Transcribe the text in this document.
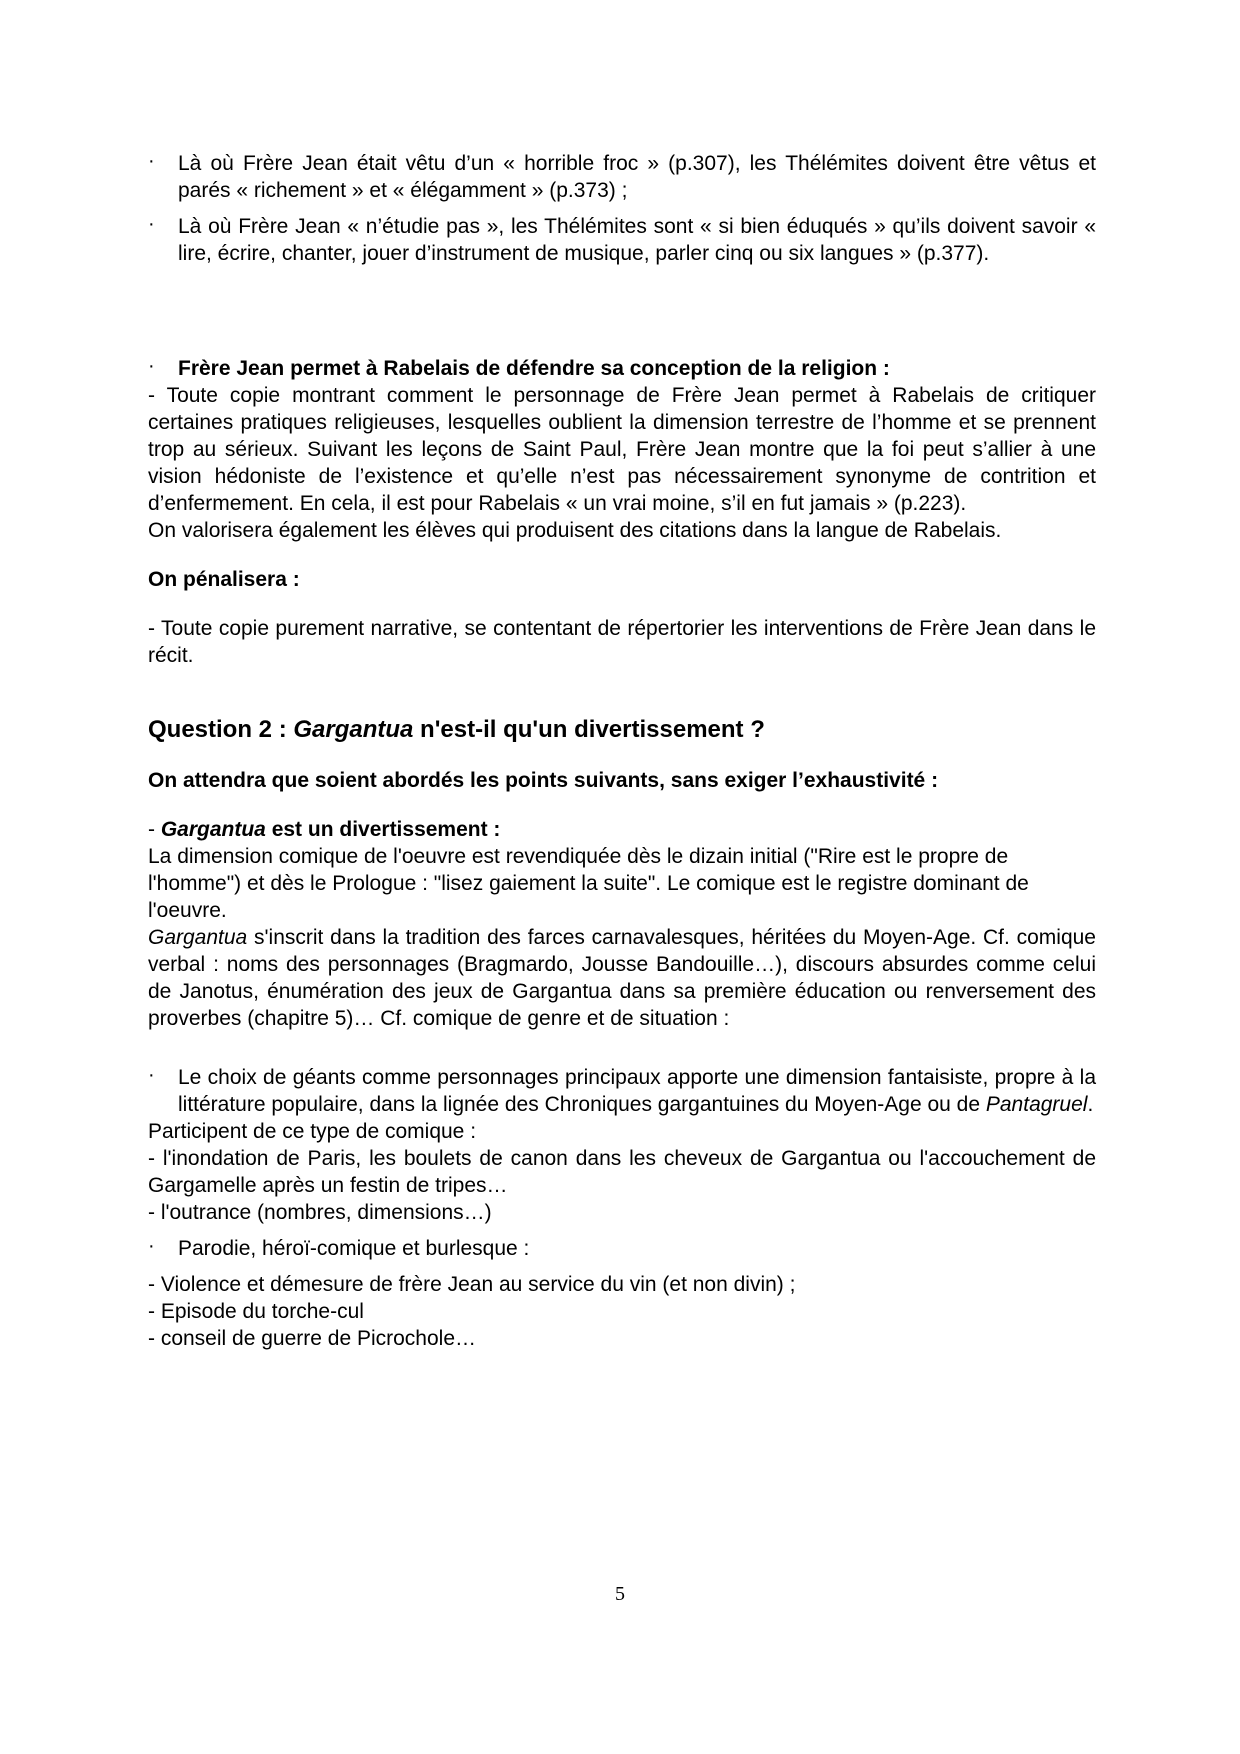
·	Là où Frère Jean était vêtu d’un « horrible froc » (p.307), les Thélémites doivent être vêtus et parés « richement » et « élégamment » (p.373) ;
·	Là où Frère Jean « n’étudie pas », les Thélémites sont « si bien éduqués » qu’ils doivent savoir « lire, écrire, chanter, jouer d’instrument de musique, parler cinq ou six langues » (p.377).
·	Frère Jean permet à Rabelais de défendre sa conception de la religion :
- Toute copie montrant comment le personnage de Frère Jean permet à Rabelais de critiquer certaines pratiques religieuses, lesquelles oublient la dimension terrestre de l’homme et se prennent trop au sérieux. Suivant les leçons de Saint Paul, Frère Jean montre que la foi peut s’allier à une vision hédoniste de l’existence et qu’elle n’est pas nécessairement synonyme de contrition et d’enfermement. En cela, il est pour Rabelais « un vrai moine, s’il en fut jamais » (p.223).
On valorisera également les élèves qui produisent des citations dans la langue de Rabelais.
On pénalisera :
- Toute copie purement narrative, se contentant de répertorier les interventions de Frère Jean dans le récit.
Question 2 : Gargantua n'est-il qu'un divertissement ?
On attendra que soient abordés les points suivants, sans exiger l’exhaustivité :
- Gargantua est un divertissement :
La dimension comique de l'oeuvre est revendiquée dès le dizain initial ("Rire est le propre de l'homme") et dès le Prologue : "lisez gaiement la suite". Le comique est le registre dominant de l'oeuvre.
Gargantua s'inscrit dans la tradition des farces carnavalesques, héritées du Moyen-Age. Cf. comique verbal : noms des personnages (Bragmardo, Jousse Bandouille…), discours absurdes comme celui de Janotus, énumération des jeux de Gargantua dans sa première éducation ou renversement des proverbes (chapitre 5)… Cf. comique de genre et de situation :
·	Le choix de géants comme personnages principaux apporte une dimension fantaisiste, propre à la littérature populaire, dans la lignée des Chroniques gargantuines du Moyen-Age ou de Pantagruel.
Participent de ce type de comique :
- l'inondation de Paris, les boulets de canon dans les cheveux de Gargantua ou l'accouchement de Gargamelle après un festin de tripes…
- l'outrance (nombres, dimensions…)
·	Parodie, héroï-comique et burlesque :
- Violence et démesure de frère Jean au service du vin (et non divin) ;
- Episode du torche-cul
- conseil de guerre de Picrochole…
5
